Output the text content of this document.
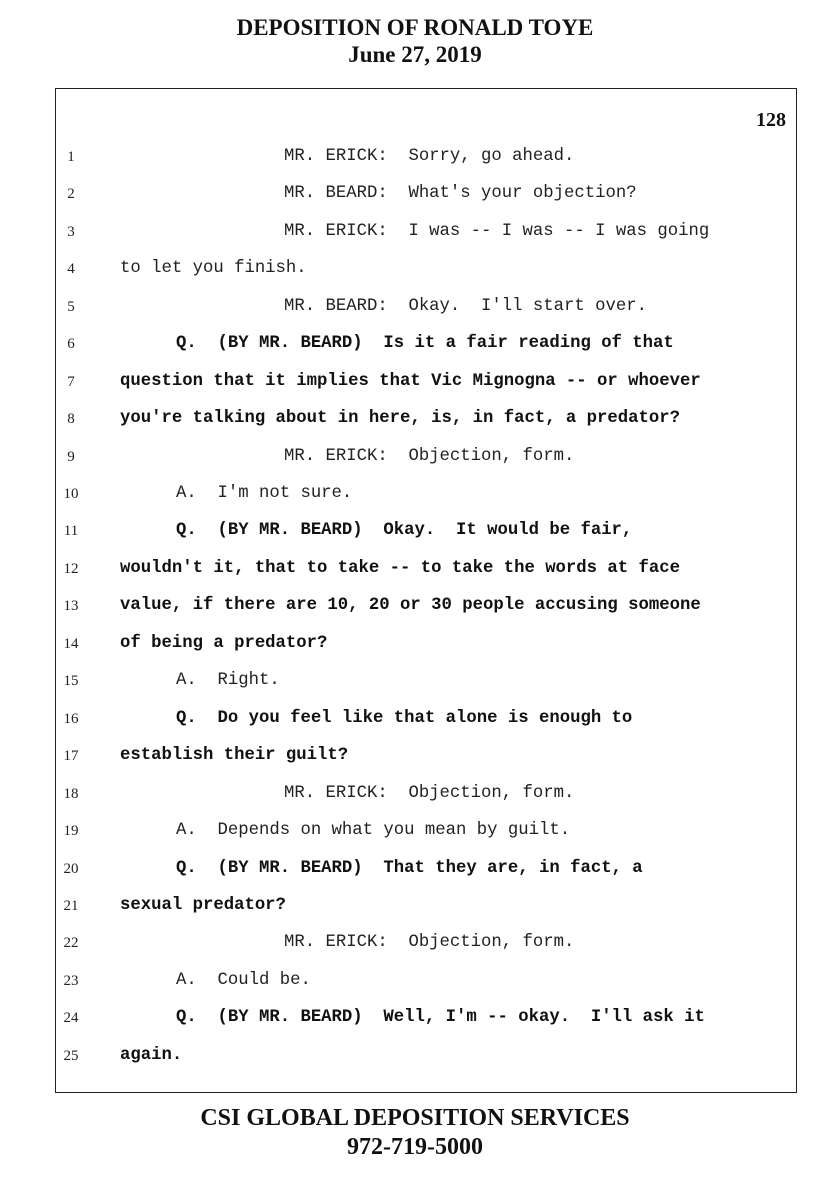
DEPOSITION OF RONALD TOYE
June 27, 2019
128
1	MR. ERICK:  Sorry, go ahead.
2	MR. BEARD:  What's your objection?
3	MR. ERICK:  I was -- I was -- I was going
4	to let you finish.
5	MR. BEARD:  Okay.  I'll start over.
6	Q.  (BY MR. BEARD)  Is it a fair reading of that
7	question that it implies that Vic Mignogna -- or whoever
8	you're talking about in here, is, in fact, a predator?
9	MR. ERICK:  Objection, form.
10	A.  I'm not sure.
11	Q.  (BY MR. BEARD)  Okay.  It would be fair,
12	wouldn't it, that to take -- to take the words at face
13	value, if there are 10, 20 or 30 people accusing someone
14	of being a predator?
15	A.  Right.
16	Q.  Do you feel like that alone is enough to
17	establish their guilt?
18	MR. ERICK:  Objection, form.
19	A.  Depends on what you mean by guilt.
20	Q.  (BY MR. BEARD)  That they are, in fact, a
21	sexual predator?
22	MR. ERICK:  Objection, form.
23	A.  Could be.
24	Q.  (BY MR. BEARD)  Well, I'm -- okay.  I'll ask it
25	again.
CSI GLOBAL DEPOSITION SERVICES
972-719-5000
